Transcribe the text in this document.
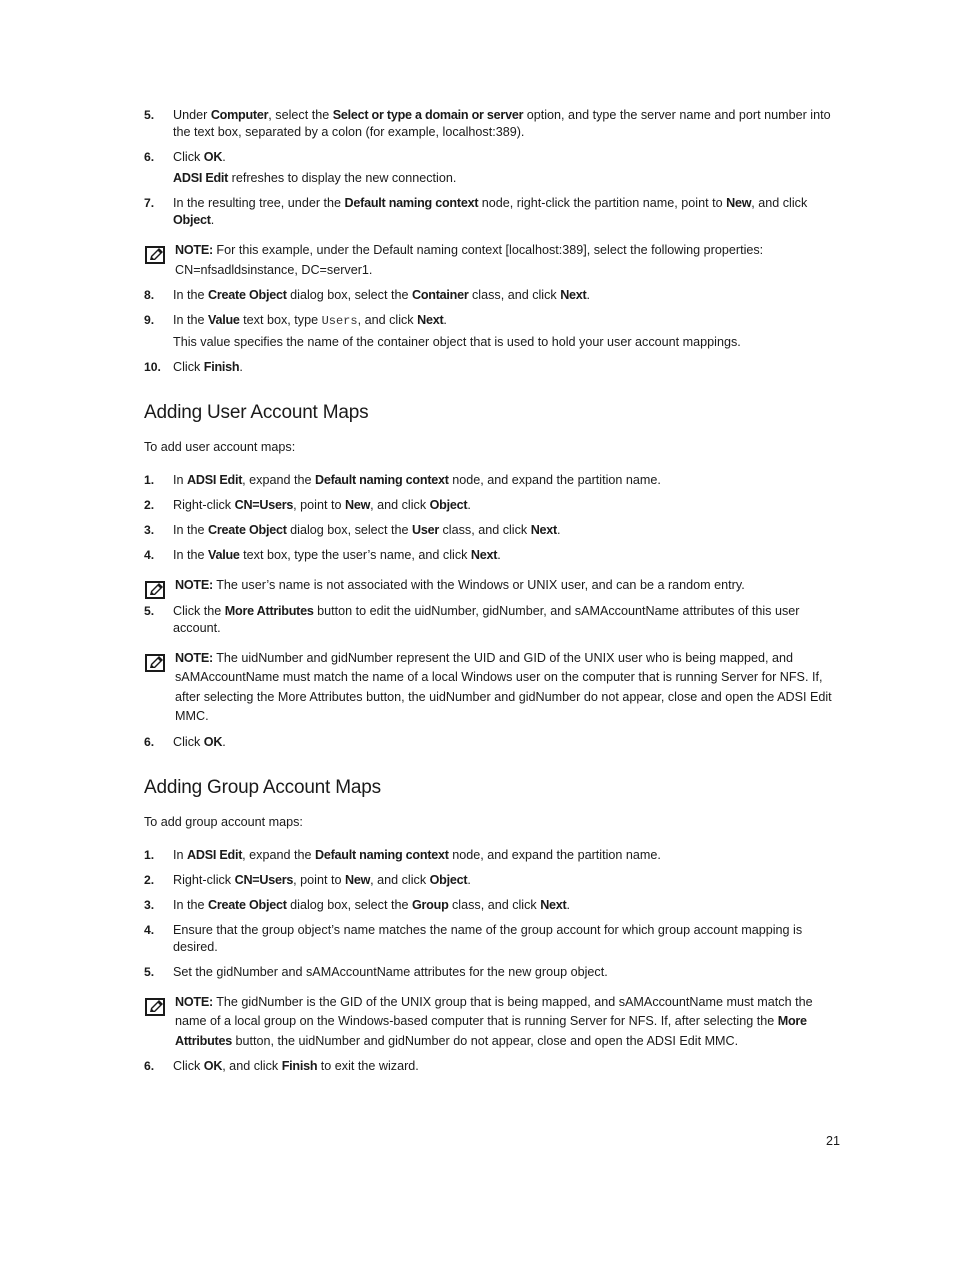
5. Under Computer, select the Select or type a domain or server option, and type the server name and port number into the text box, separated by a colon (for example, localhost:389).
6. Click OK.
ADSI Edit refreshes to display the new connection.
7. In the resulting tree, under the Default naming context node, right-click the partition name, point to New, and click Object.
NOTE: For this example, under the Default naming context [localhost:389], select the following properties: CN=nfsadldsinstance, DC=server1.
8. In the Create Object dialog box, select the Container class, and click Next.
9. In the Value text box, type Users, and click Next.
This value specifies the name of the container object that is used to hold your user account mappings.
10. Click Finish.
Adding User Account Maps
To add user account maps:
1. In ADSI Edit, expand the Default naming context node, and expand the partition name.
2. Right-click CN=Users, point to New, and click Object.
3. In the Create Object dialog box, select the User class, and click Next.
4. In the Value text box, type the user’s name, and click Next.
NOTE: The user’s name is not associated with the Windows or UNIX user, and can be a random entry.
5. Click the More Attributes button to edit the uidNumber, gidNumber, and sAMAccountName attributes of this user account.
NOTE: The uidNumber and gidNumber represent the UID and GID of the UNIX user who is being mapped, and sAMAccountName must match the name of a local Windows user on the computer that is running Server for NFS. If, after selecting the More Attributes button, the uidNumber and gidNumber do not appear, close and open the ADSI Edit MMC.
6. Click OK.
Adding Group Account Maps
To add group account maps:
1. In ADSI Edit, expand the Default naming context node, and expand the partition name.
2. Right-click CN=Users, point to New, and click Object.
3. In the Create Object dialog box, select the Group class, and click Next.
4. Ensure that the group object’s name matches the name of the group account for which group account mapping is desired.
5. Set the gidNumber and sAMAccountName attributes for the new group object.
NOTE: The gidNumber is the GID of the UNIX group that is being mapped, and sAMAccountName must match the name of a local group on the Windows-based computer that is running Server for NFS. If, after selecting the More Attributes button, the uidNumber and gidNumber do not appear, close and open the ADSI Edit MMC.
6. Click OK, and click Finish to exit the wizard.
21
